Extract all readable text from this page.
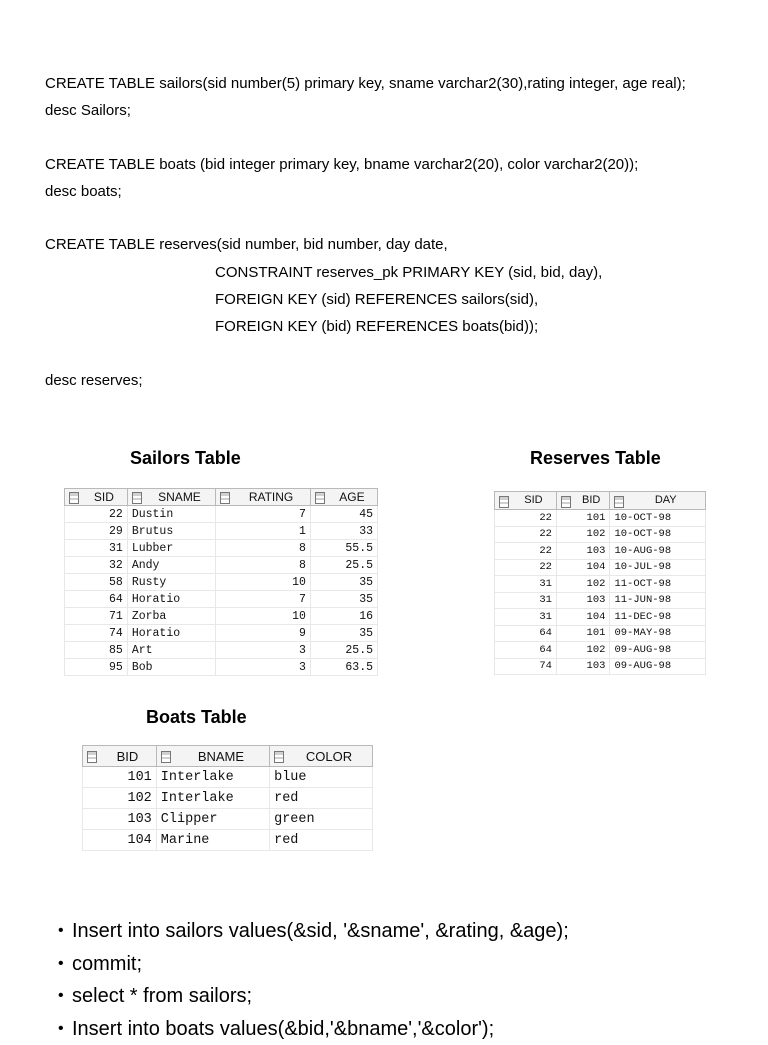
CREATE TABLE sailors(sid number(5) primary key, sname varchar2(30),rating integer, age real);
desc Sailors;
CREATE TABLE boats (bid integer primary key, bname varchar2(20), color varchar2(20));
desc boats;
CREATE TABLE reserves(sid number, bid number, day date,
CONSTRAINT reserves_pk PRIMARY KEY (sid, bid, day),
FOREIGN KEY (sid) REFERENCES sailors(sid),
FOREIGN KEY (bid) REFERENCES boats(bid));
desc reserves;
Sailors Table	Reserves Table
Boats Table
SID	SNAME	RATING	AGE
22	Dustin	7	45
29	Brutus	1	33
31	Lubber	8	55.5
32	Andy	8	25.5
58	Rusty	10	35
64	Horatio	7	35
71	Zorba	10	16
74	Horatio	9	35
85	Art	3	25.5
95	Bob	3	63.5
SID	BID	DAY
22	101	10-OCT-98
22	102	10-OCT-98
22	103	10-AUG-98
22	104	10-JUL-98
31	102	11-OCT-98
31	103	11-JUN-98
31	104	11-DEC-98
64	101	09-MAY-98
64	102	09-AUG-98
74	103	09-AUG-98
BID	BNAME	COLOR
101	Interlake	blue
102	Interlake	red
103	Clipper	green
104	Marine	red
• Insert into sailors values(&sid, '&sname', &rating, &age);
• commit;
• select * from sailors;
• Insert into boats values(&bid,'&bname','&color');
